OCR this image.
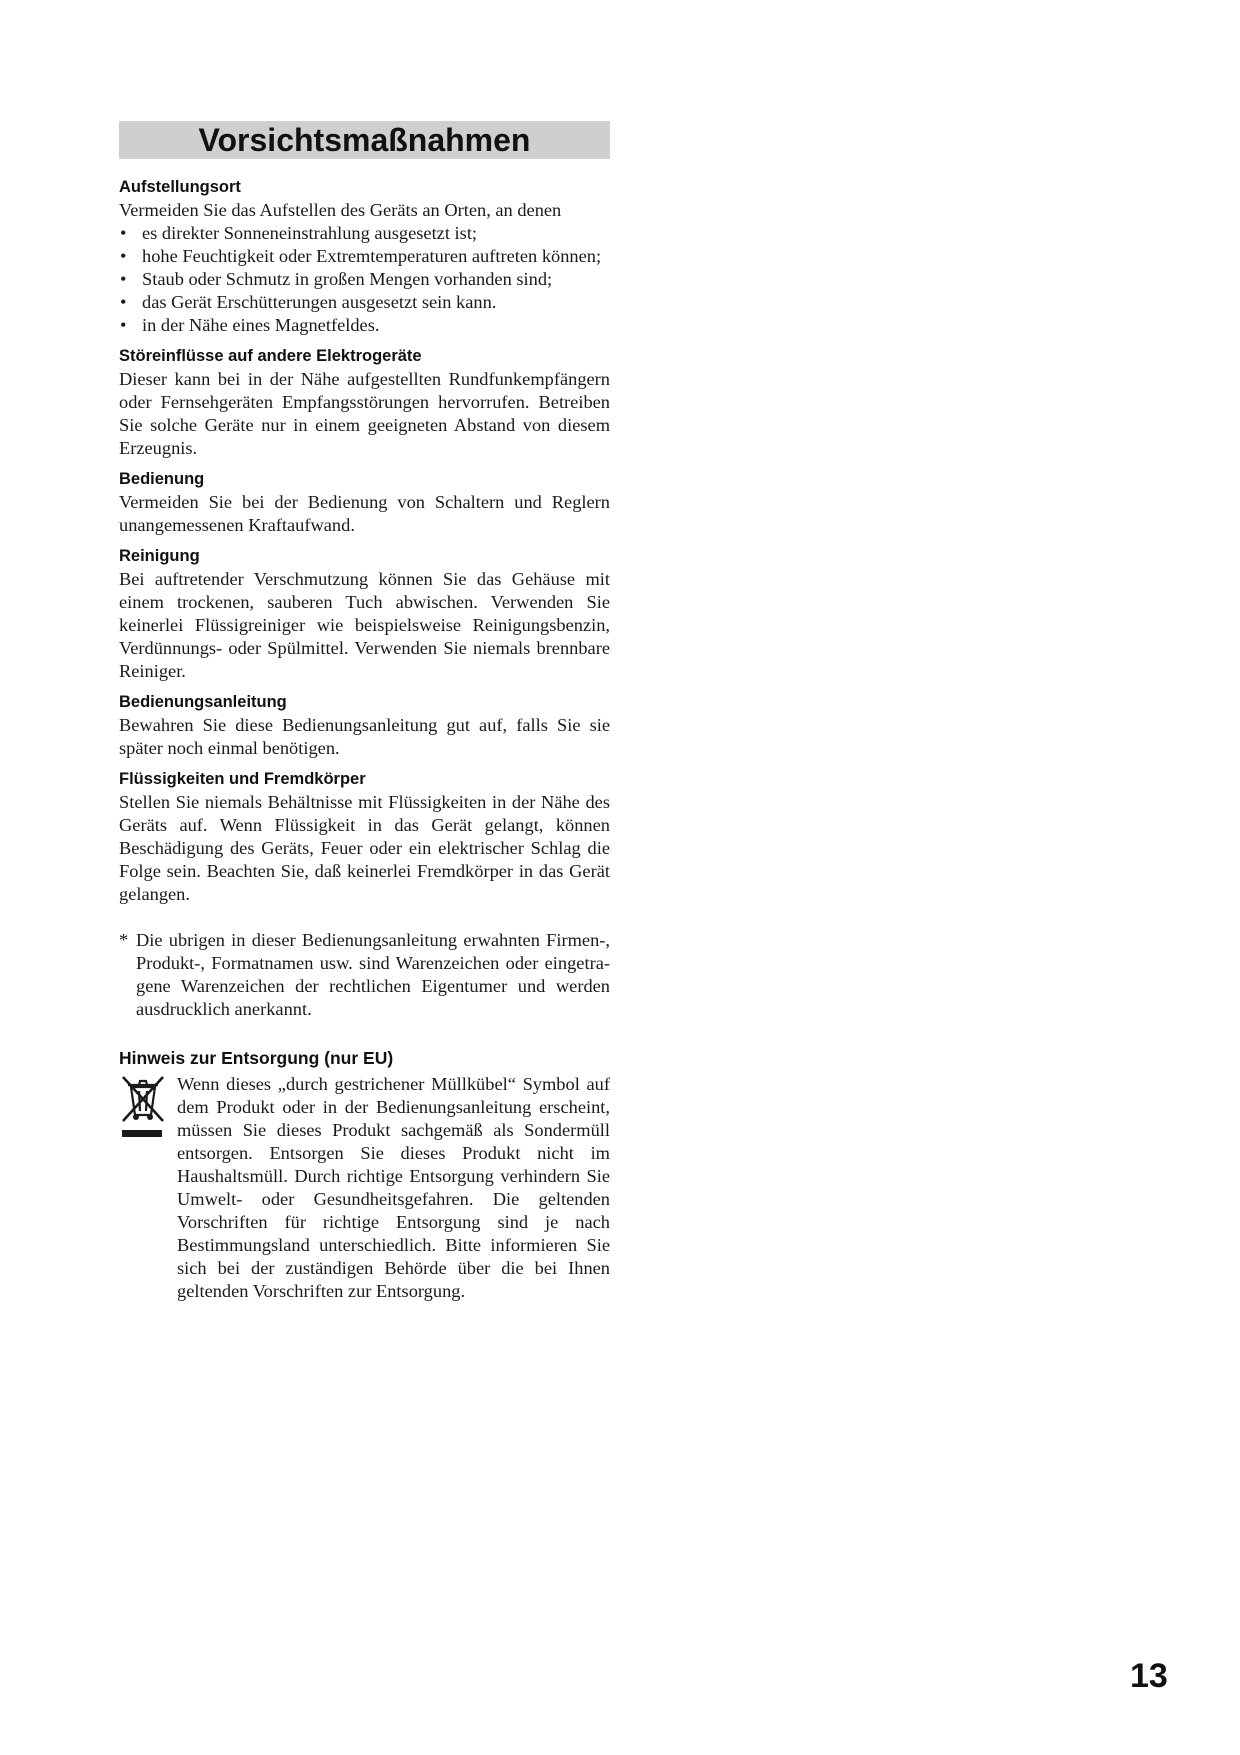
Vorsichtsmaßnahmen
Aufstellungsort
Vermeiden Sie das Aufstellen des Geräts an Orten, an denen
• es direkter Sonneneinstrahlung ausgesetzt ist;
• hohe Feuchtigkeit oder Extremtemperaturen auftreten können;
• Staub oder Schmutz in großen Mengen vorhanden sind;
• das Gerät Erschütterungen ausgesetzt sein kann.
• in der Nähe eines Magnetfeldes.
Störeinflüsse auf andere Elektrogeräte
Dieser kann bei in der Nähe aufgestellten Rundfunkempfängern oder Fernsehgeräten Empfangsstörungen hervorrufen. Betreiben Sie solche Geräte nur in einem geeigneten Abstand von diesem Erzeugnis.
Bedienung
Vermeiden Sie bei der Bedienung von Schaltern und Reglern unangemessenen Kraftaufwand.
Reinigung
Bei auftretender Verschmutzung können Sie das Gehäuse mit einem trockenen, sauberen Tuch abwischen. Verwenden Sie keinerlei Flüssigreiniger wie beispielsweise Reinigungsbenzin, Verdünnungs- oder Spülmittel. Verwenden Sie niemals brennbare Reiniger.
Bedienungsanleitung
Bewahren Sie diese Bedienungsanleitung gut auf, falls Sie sie später noch einmal benötigen.
Flüssigkeiten und Fremdkörper
Stellen Sie niemals Behältnisse mit Flüssigkeiten in der Nähe des Geräts auf. Wenn Flüssigkeit in das Gerät gelangt, können Beschädigung des Geräts, Feuer oder ein elektrischer Schlag die Folge sein. Beachten Sie, daß keinerlei Fremdkörper in das Gerät gelangen.
* Die ubrigen in dieser Bedienungsanleitung erwahnten Firmen-, Produkt-, Formatnamen usw. sind Warenzeichen oder eingetra-gene Warenzeichen der rechtlichen Eigentumer und werden ausdrucklich anerkannt.
Hinweis zur Entsorgung (nur EU)
Wenn dieses „durch gestrichener Müllkübel“ Symbol auf dem Produkt oder in der Bedienungsanleitung erscheint, müssen Sie dieses Produkt sachgemäß als Sondermüll entsorgen. Entsorgen Sie dieses Produkt nicht im Haushaltsmüll. Durch richtige Entsorgung verhindern Sie Umwelt- oder Gesundheitsgefahren. Die geltenden Vorschriften für richtige Entsorgung sind je nach Bestimmungsland unterschiedlich. Bitte informieren Sie sich bei der zuständigen Behörde über die bei Ihnen geltenden Vorschriften zur Entsorgung.
13
